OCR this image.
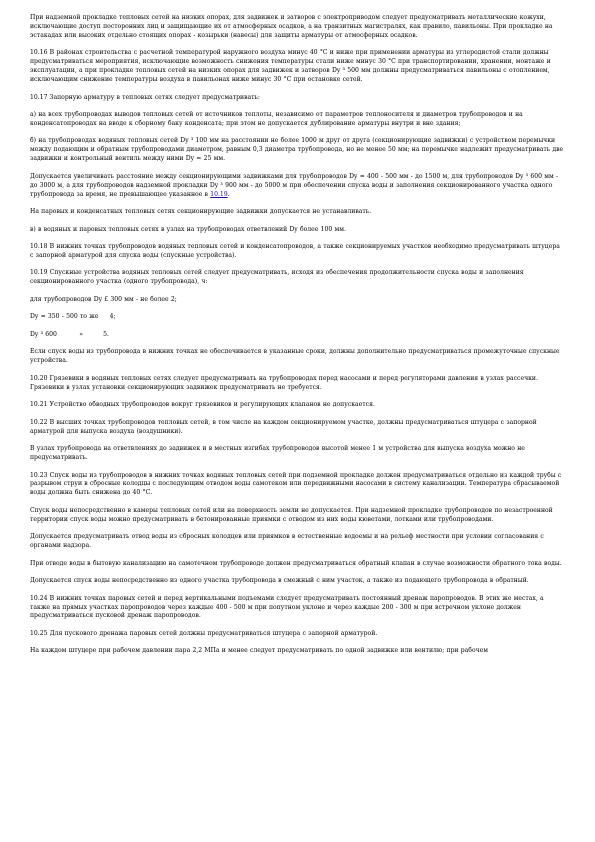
При надземной прокладке тепловых сетей на низких опорах, для задвижек и затворов с электроприводом следует предусматривать металлические кожухи, исключающие доступ посторонних лиц и защищающие их от атмосферных осадков, а на транзитных магистралях, как правило, павильоны. При прокладке на эстакадах или высоких отдельно стоящих опорах - козырьки (навесы) для защиты арматуры от атмосферных осадков.

10.16 В районах строительства с расчетной температурой наружного воздуха минус 40 °С и ниже при применении арматуры из углеродистой стали должны предусматриваться мероприятия, исключающие возможность снижения температуры стали ниже минус 30 °С при транспортировании, хранении, монтаже и эксплуатации, а при прокладке тепловых сетей на низких опорах для задвижек и затворов Dy ³ 500 мм должны предусматриваться павильоны с отоплением, исключающим снижение температуры воздуха в павильонах ниже минус 30 °С при остановке сетей.

10.17 Запорную арматуру в тепловых сетях следует предусматривать:

а) на всех трубопроводах выводов тепловых сетей от источников теплоты, независимо от параметров теплоносителя и диаметров трубопроводов и на конденсатопроводах на вводе к сборному баку конденсата; при этом не допускается дублирование арматуры внутри и вне здания;

б) на трубопроводах водяных тепловых сетей Dy ³ 100 мм на расстоянии не более 1000 м друг от друга (секционирующие задвижки) с устройством перемычки между подающим и обратным трубопроводами диаметром, равным 0,3 диаметра трубопровода, но не менее 50 мм; на перемычке надлежит предусматривать две задвижки и контрольный вентиль между ними Dy = 25 мм.

Допускается увеличивать расстояние между секционирующими задвижками для трубопроводов Dy = 400 - 500 мм - до 1500 м, для трубопроводов Dy ³ 600 мм - до 3000 м, а для трубопроводов надземной прокладки Dy ³ 900 мм - до 5000 м при обеспечении спуска воды и заполнения секционированного участка одного трубопровода за время, не превышающее указанное в 10.19.

На паровых и конденсатных тепловых сетях секционирующие задвижки допускается не устанавливать.

в) в водяных и паровых тепловых сетях в узлах на трубопроводах ответвлений Dy более 100 мм.

10.18 В нижних точках трубопроводов водяных тепловых сетей и конденсатопроводов, а также секционируемых участков необходимо предусматривать штуцера с запорной арматурой для спуска воды (спускные устройства).

10.19 Спускные устройства водяных тепловых сетей следует предусматривать, исходя из обеспечения продолжительности спуска воды и заполнения секционированного участка (одного трубопровода), ч:

для трубопроводов Dy £ 300 мм - не более 2;

Dy = 350 - 500 то же     4;

Dy ³ 600          »         5.

Если спуск воды из трубопровода в нижних точках не обеспечивается в указанные сроки, должны дополнительно предусматриваться промежуточные спускные устройства.

10.20 Грязевики в водяных тепловых сетях следует предусматривать на трубопроводах перед насосами и перед регуляторами давления в узлах рассечки. Грязевики в узлах установки секционирующих задвижек предусматривать не требуется.

10.21 Устройство обводных трубопроводов вокруг грязевиков и регулирующих клапанов не допускается.

10.22 В высших точках трубопроводов тепловых сетей, в том числе на каждом секционируемом участке, должны предусматриваться штуцера с запорной арматурой для выпуска воздуха (воздушники).

В узлах трубопровода на ответвлениях до задвижек и в местных изгибах трубопроводов высотой менее 1 м устройства для выпуска воздуха можно не предусматривать.

10.23 Спуск воды из трубопроводов в нижних точках водяных тепловых сетей при подземной прокладке должен предусматриваться отдельно из каждой трубы с разрывом струи в сбросные колодцы с последующим отводом воды самотеком или передвижными насосами в систему канализации. Температура сбрасываемой воды должна быть снижена до 40 °С.

Спуск воды непосредственно в камеры тепловых сетей или на поверхность земли не допускается. При надземной прокладке трубопроводов по незастроенной территории спуск воды можно предусматривать в бетонированные приямки с отводом из них воды кюветами, лотками или трубопроводами.

Допускается предусматривать отвод воды из сбросных колодцев или приямков в естественные водоемы и на рельеф местности при условии согласования с органами надзора.

При отводе воды в бытовую канализацию на самотечном трубопроводе должен предусматриваться обратный клапан в случае возможности обратного тока воды.

Допускается спуск воды непосредственно из одного участка трубопровода в смежный с ним участок, а также из подающего трубопровода в обратный.

10.24 В нижних точках паровых сетей и перед вертикальными подъемами следует предусматривать постоянный дренаж паропроводов. В этих же местах, а также на прямых участках паропроводов через каждые 400 - 500 м при попутном уклоне и через каждые 200 - 300 м при встречном уклоне должен предусматриваться пусковой дренаж паропроводов.

10.25 Для пускового дренажа паровых сетей должны предусматриваться штуцера с запорной арматурой.

На каждом штуцере при рабочем давлении пара 2,2 МПа и менее следует предусматривать по одной задвижке или вентилю; при рабочем
